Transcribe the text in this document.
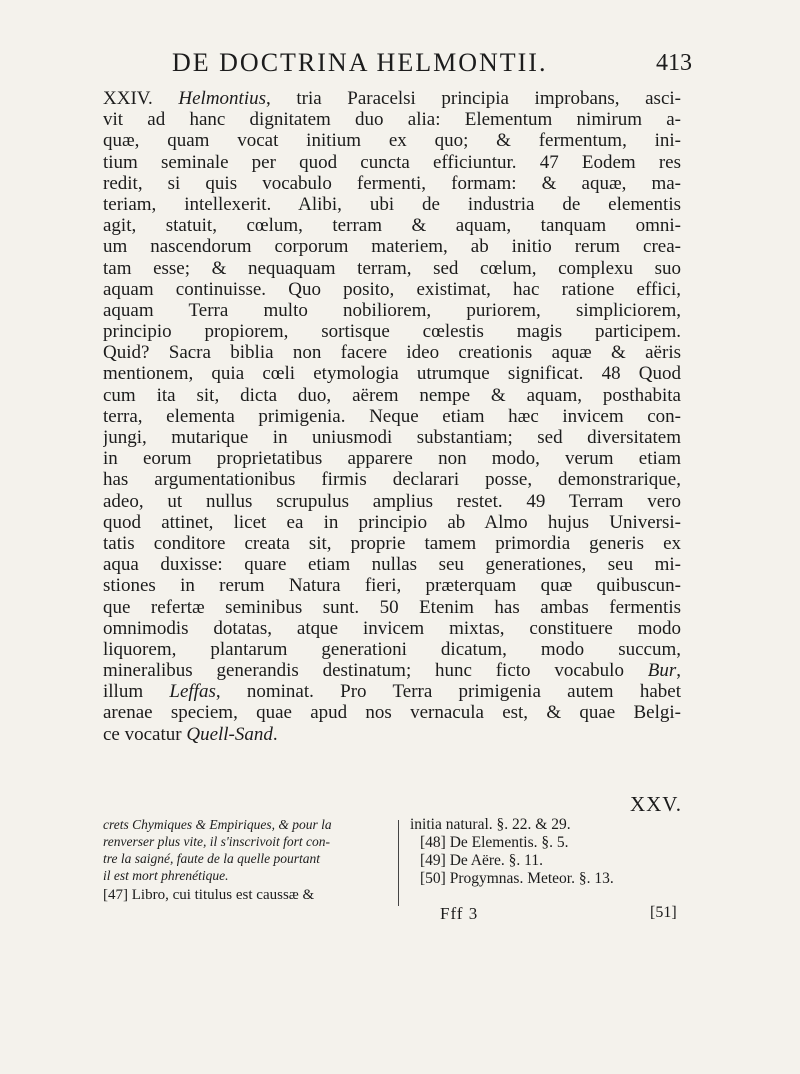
DE DOCTRINA HELMONTII.	413
XXIV. Helmontius, tria Paracelsi principia improbans, asci-
vit ad hanc dignitatem duo alia: Elementum nimirum a-
quæ, quam vocat initium ex quo; & fermentum, ini-
tium seminale per quod cuncta efficiuntur. 47 Eodem res
redit, si quis vocabulo fermenti, formam: & aquæ, ma-
teriam, intellexerit. Alibi, ubi de industria de elementis
agit, statuit, cœlum, terram & aquam, tanquam omni-
um nascendorum corporum materiem, ab initio rerum crea-
tam esse; & nequaquam terram, sed cœlum, complexu suo
aquam continuisse. Quo posito, existimat, hac ratione effici,
aquam Terra multo nobiliorem, puriorem, simpliciorem,
principio propiorem, sortisque cœlestis magis participem.
Quid? Sacra biblia non facere ideo creationis aquæ & aëris
mentionem, quia cœli etymologia utrumque significat. 48 Quod
cum ita sit, dicta duo, aërem nempe & aquam, posthabita
terra, elementa primigenia. Neque etiam hæc invicem con-
jungi, mutarique in uniusmodi substantiam; sed diversitatem
in eorum proprietatibus apparere non modo, verum etiam
has argumentationibus firmis declarari posse, demonstrarique,
adeo, ut nullus scrupulus amplius restet. 49 Terram vero
quod attinet, licet ea in principio ab Almo hujus Universi-
tatis conditore creata sit, proprie tamem primordia generis ex
aqua duxisse: quare etiam nullas seu generationes, seu mi-
stiones in rerum Natura fieri, præterquam quæ quibuscun-
que refertæ seminibus sunt. 50 Etenim has ambas fermentis
omnimodis dotatas, atque invicem mixtas, constituere modo
liquorem, plantarum generationi dicatum, modo succum,
mineralibus generandis destinatum; hunc ficto vocabulo Bur,
illum Leffas, nominat. Pro Terra primigenia autem habet
arenae speciem, quae apud nos vernacula est, & quae Belgi-
ce vocatur Quell-Sand.
XXV.
crets Chymiques & Empiriques, & pour la
renverser plus vite, il s'inscrivoit fort con-
tre la saigné, faute de la quelle pourtant
il est mort phrenétique.
[47] Libro, cui titulus est caussæ &
initia natural. §. 22. & 29.
[48] De Elementis. §. 5.
[49] De Aëre. §. 11.
[50] Progymnas. Meteor. §. 13.
Fff 3	[51]
